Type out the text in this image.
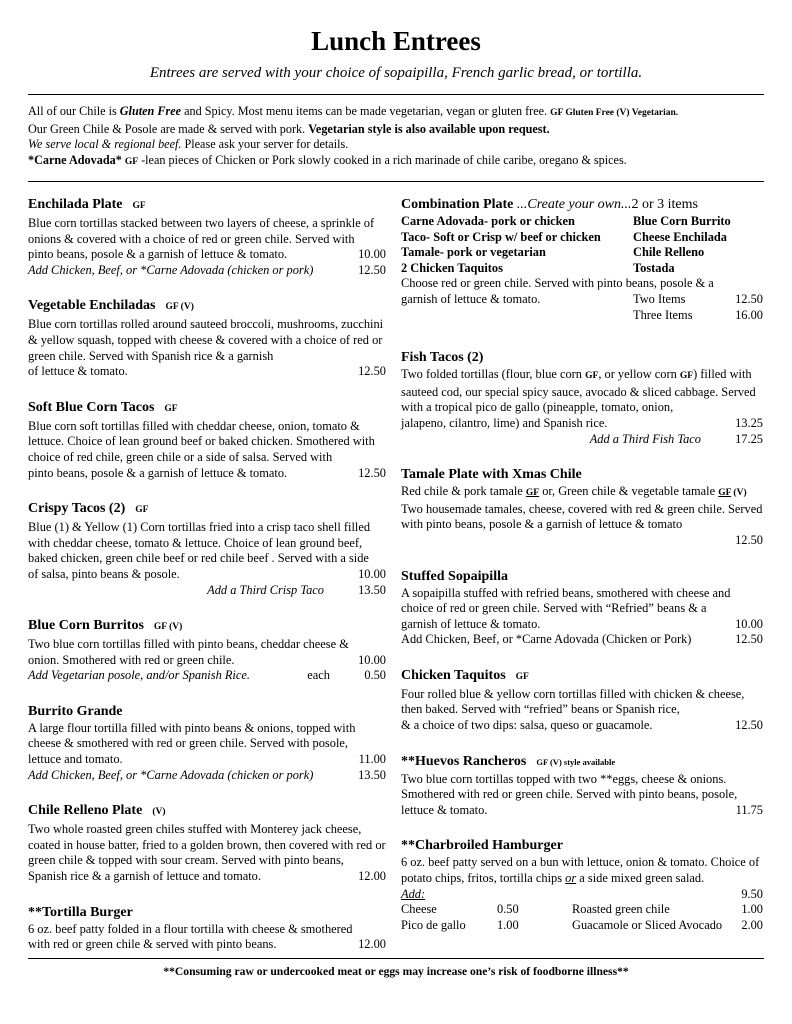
Lunch Entrees
Entrees are served with your choice of sopaipilla, French garlic bread, or tortilla.
All of our Chile is Gluten Free and Spicy. Most menu items can be made vegetarian, vegan or gluten free. GF Gluten Free (V) Vegetarian.
Our Green Chile & Posole are made & served with pork. Vegetarian style is also available upon request.
We serve local & regional beef. Please ask your server for details.
*Carne Adovada* GF -lean pieces of Chicken or Pork slowly cooked in a rich marinade of chile caribe, oregano & spices.
Enchilada Plate GF
Blue corn tortillas stacked between two layers of cheese, a sprinkle of onions & covered with a choice of red or green chile. Served with
pinto beans, posole & a garnish of lettuce & tomato.	10.00
Add Chicken, Beef, or *Carne Adovada (chicken or pork)	12.50
Vegetable Enchiladas GF (V)
Blue corn tortillas rolled around sauteed broccoli, mushrooms, zucchini & yellow squash, topped with cheese & covered with a choice of red or green chile. Served with Spanish rice & a garnish
of lettuce & tomato.	12.50
Soft Blue Corn Tacos GF
Blue corn soft tortillas filled with cheddar cheese, onion, tomato & lettuce. Choice of lean ground beef or baked chicken. Smothered with choice of red chile, green chile or a side of salsa. Served with
pinto beans, posole & a garnish of lettuce & tomato.	12.50
Crispy Tacos (2) GF
Blue (1) & Yellow (1) Corn tortillas fried into a crisp taco shell filled with cheddar cheese, tomato & lettuce. Choice of lean ground beef, baked chicken, green chile beef or red chile beef . Served with a side
of salsa, pinto beans & posole.	10.00
Add a Third Crisp Taco	13.50
Blue Corn Burritos GF (V)
Two blue corn tortillas filled with pinto beans, cheddar cheese &
onion. Smothered with red or green chile.	10.00
Add Vegetarian posole, and/or Spanish Rice.	each	0.50
Burrito Grande
A large flour tortilla filled with pinto beans & onions, topped with cheese & smothered with red or green chile. Served with posole,
lettuce and tomato.	11.00
Add Chicken, Beef, or *Carne Adovada (chicken or pork)	13.50
Chile Relleno Plate (V)
Two whole roasted green chiles stuffed with Monterey jack cheese, coated in house batter, fried to a golden brown, then covered with red or green chile & topped with sour cream. Served with pinto beans,
Spanish rice & a garnish of lettuce and tomato.	12.00
**Tortilla Burger
6 oz. beef patty folded in a flour tortilla with cheese & smothered
with red or green chile & served with pinto beans.	12.00
Combination Plate ...Create your own...2 or 3 items
Carne Adovada- pork or chicken	Blue Corn Burrito
Taco- Soft or Crisp w/ beef or chicken	Cheese Enchilada
Tamale- pork or vegetarian	Chile Relleno
2 Chicken Taquitos	Tostada
Choose red or green chile. Served with pinto beans, posole & a
garnish of lettuce & tomato.	Two Items	12.50
Three Items	16.00
Fish Tacos (2)
Two folded tortillas (flour, blue corn GF, or yellow corn GF) filled with sauteed cod, our special spicy sauce, avocado & sliced cabbage. Served with a tropical pico de gallo (pineapple, tomato, onion,
jalapeno, cilantro, lime) and Spanish rice.	13.25
Add a Third Fish Taco	17.25
Tamale Plate with Xmas Chile
Red chile & pork tamale GF or, Green chile & vegetable tamale GF (V) Two housemade tamales, cheese, covered with red & green chile. Served with pinto beans, posole & a garnish of lettuce & tomato
12.50
Stuffed Sopaipilla
A sopaipilla stuffed with refried beans, smothered with cheese and choice of red or green chile. Served with “Refried” beans & a
garnish of lettuce & tomato.	10.00
Add Chicken, Beef, or *Carne Adovada (Chicken or Pork)	12.50
Chicken Taquitos GF
Four rolled blue & yellow corn tortillas filled with chicken & cheese, then baked. Served with “refried” beans or Spanish rice,
& a choice of two dips: salsa, queso or guacamole.	12.50
**Huevos Rancheros GF (V) style available
Two blue corn tortillas topped with two **eggs, cheese & onions. Smothered with red or green chile. Served with pinto beans, posole,
lettuce & tomato.	11.75
**Charbroiled Hamburger
6 oz. beef patty served on a bun with lettuce, onion & tomato. Choice of potato chips, fritos, tortilla chips or a side mixed green salad.
Add:	9.50
Cheese	0.50	Roasted green chile	1.00
Pico de gallo	1.00	Guacamole or Sliced Avocado	2.00
**Consuming raw or undercooked meat or eggs may increase one’s risk of foodborne illness**
